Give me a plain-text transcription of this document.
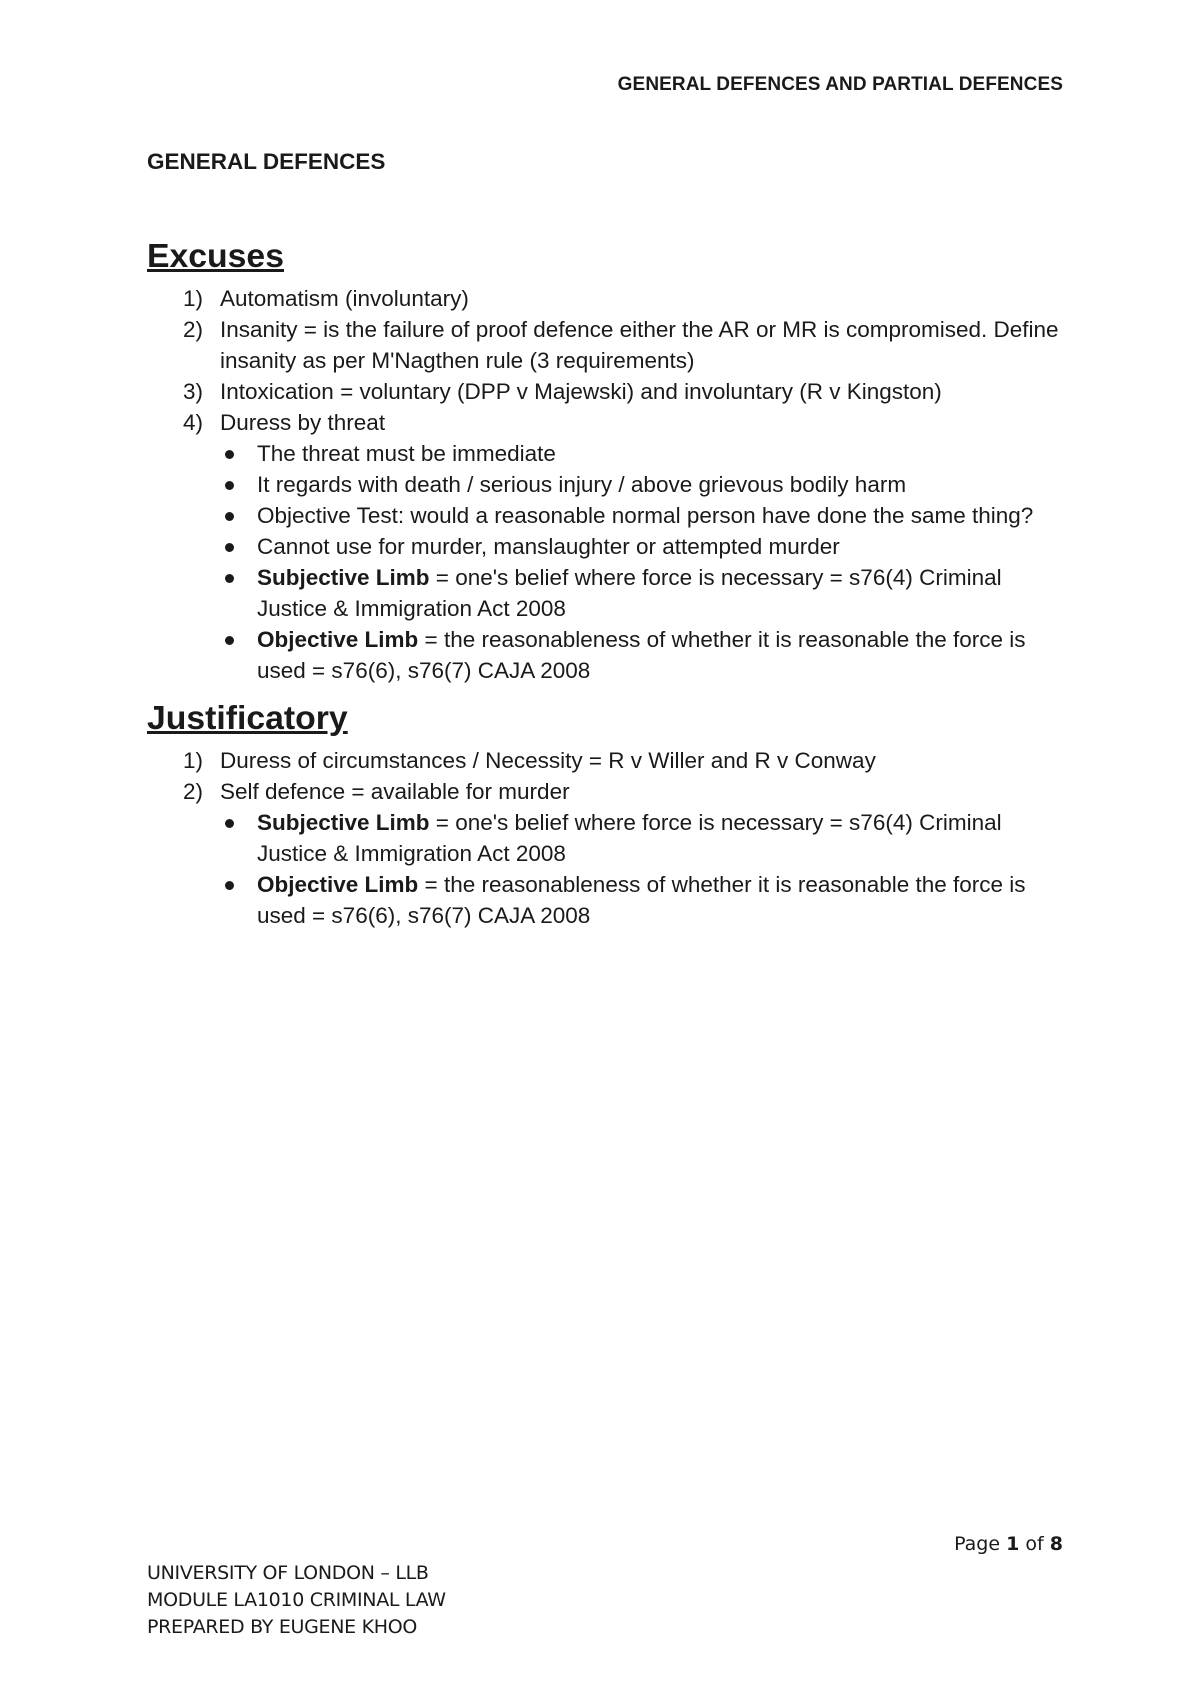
GENERAL DEFENCES AND PARTIAL DEFENCES
GENERAL DEFENCES
Excuses
1) Automatism (involuntary)
2) Insanity = is the failure of proof defence either the AR or MR is compromised. Define insanity as per M'Nagthen rule (3 requirements)
3) Intoxication = voluntary (DPP v Majewski) and involuntary (R v Kingston)
4) Duress by threat
The threat must be immediate
It regards with death / serious injury / above grievous bodily harm
Objective Test: would a reasonable normal person have done the same thing?
Cannot use for murder, manslaughter or attempted murder
Subjective Limb = one's belief where force is necessary = s76(4) Criminal Justice & Immigration Act 2008
Objective Limb = the reasonableness of whether it is reasonable the force is used = s76(6), s76(7) CAJA 2008
Justificatory
1) Duress of circumstances / Necessity = R v Willer and R v Conway
2) Self defence = available for murder
Subjective Limb = one's belief where force is necessary = s76(4) Criminal Justice & Immigration Act 2008
Objective Limb = the reasonableness of whether it is reasonable the force is used = s76(6), s76(7) CAJA 2008
Page 1 of 8
UNIVERSITY OF LONDON – LLB
MODULE LA1010 CRIMINAL LAW
PREPARED BY EUGENE KHOO
